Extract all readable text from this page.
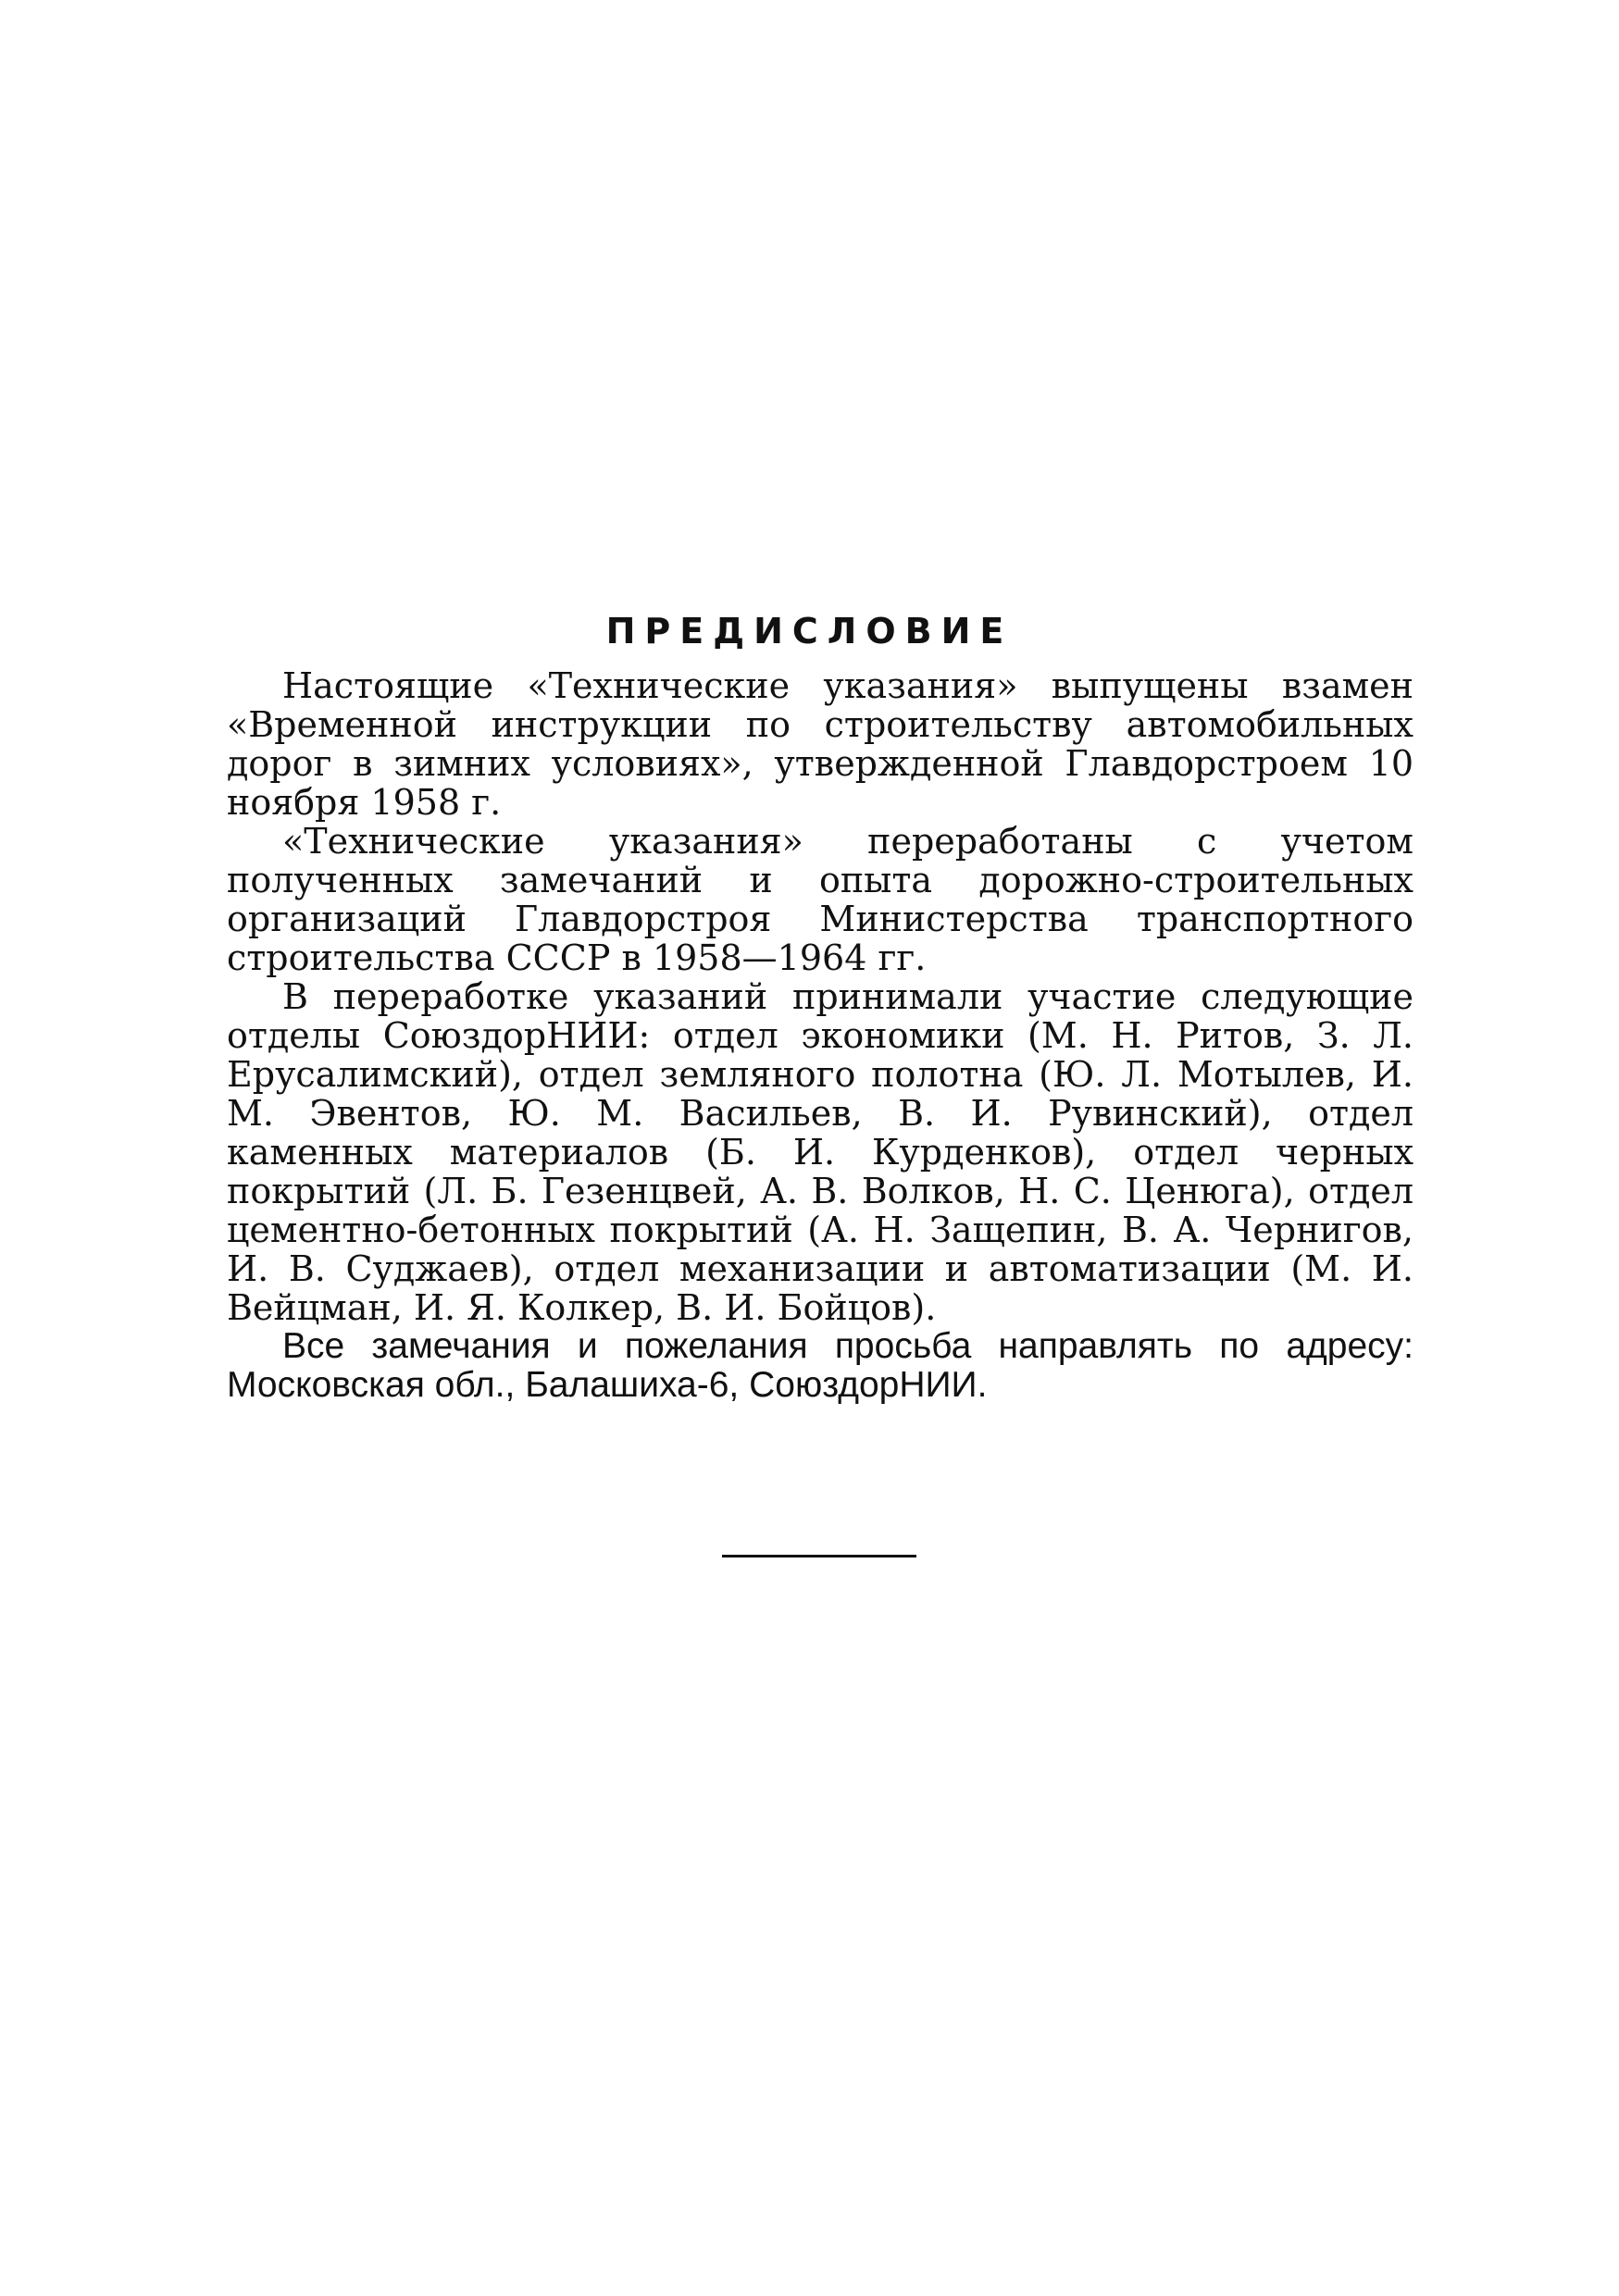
ПРЕДИСЛОВИЕ

Настоящие «Технические указания» выпущены взамен «Временной инструкции по строительству автомобильных дорог в зимних условиях», утвержденной Главдорстроем 10 ноября 1958 г.

«Технические указания» переработаны с учетом полученных замечаний и опыта дорожно-строительных организаций Главдорстроя Министерства транспортного строительства СССР в 1958—1964 гг.

В переработке указаний принимали участие следующие отделы СоюздорНИИ: отдел экономики (М. Н. Ритов, З. Л. Ерусалимский), отдел земляного полотна (Ю. Л. Мотылев, И. М. Эвентов, Ю. М. Васильев, В. И. Рувинский), отдел каменных материалов (Б. И. Курденков), отдел черных покрытий (Л. Б. Гезенцвей, А. В. Волков, Н. С. Ценюга), отдел цементно-бетонных покрытий (А. Н. Защепин, В. А. Чернигов, И. В. Суджаев), отдел механизации и автоматизации (М. И. Вейцман, И. Я. Колкер, В. И. Бойцов).

Все замечания и пожелания просьба направлять по адресу: Московская обл., Балашиха-6, СоюздорНИИ.
